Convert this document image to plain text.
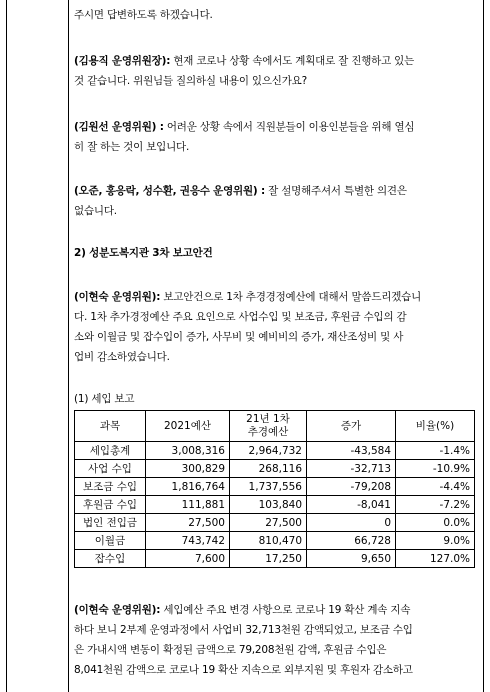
주시면 답변하도록 하겠습니다.
(김용직 운영위원장): 현재 코로나 상황 속에서도 계획대로 잘 진행하고 있는
것 같습니다. 위원님들 질의하실 내용이 있으신가요?
(김원선 운영위원) : 어려운 상황 속에서 직원분들이 이용인분들을 위해 열심
히 잘 하는 것이 보입니다.
(오준, 홍응락, 성수환, 권응수 운영위원) : 잘 설명해주셔서 특별한 의견은
없습니다.
2) 성분도복지관 3차 보고안건
(이현숙 운영위원): 보고안건으로 1차 추경경정예산에 대해서 말씀드리겠습니
다. 1차 추가경정예산 주요 요인으로 사업수입 및 보조금, 후원금 수입의 감
소와 이월금 및 잡수입이 증가, 사무비 및 예비비의 증가, 재산조성비 및 사
업비 감소하였습니다.
(1) 세입 보고
(이현숙 운영위원): 세입예산 주요 변경 사항으로 코로나 19 확산 계속 지속
하다 보니 2부제 운영과정에서 사업비 32,713천원 감액되었고, 보조금 수입
은 가내시액 변동이 확정된 금액으로 79,208천원 감액, 후원금 수입은
8,041천원 감액으로 코로나 19 확산 지속으로 외부지원 및 후원자 감소하고
과목	2021예산	21년 1차
추경예산	증가	비율(%)
세입총계	3,008,316	2,964,732	-43,584	-1.4%
사업 수입	300,829	268,116	-32,713	-10.9%
보조금 수입	1,816,764	1,737,556	-79,208	-4.4%
후원금 수입	111,881	103,840	-8,041	-7.2%
법인 전입금	27,500	27,500	0	0.0%
이월금	743,742	810,470	66,728	9.0%
잡수입	7,600	17,250	9,650	127.0%
